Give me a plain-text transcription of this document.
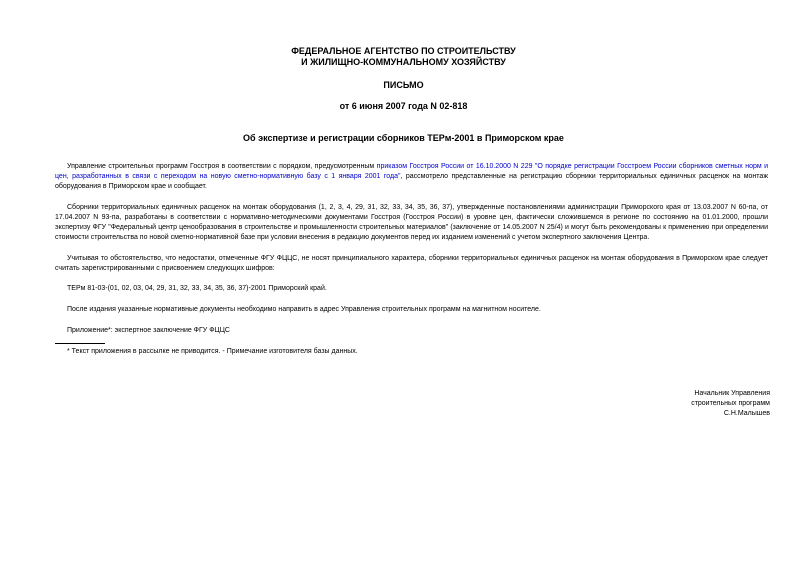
ФЕДЕРАЛЬНОЕ АГЕНТСТВО ПО СТРОИТЕЛЬСТВУ
И ЖИЛИЩНО-КОММУНАЛЬНОМУ ХОЗЯЙСТВУ
ПИСЬМО
от 6 июня 2007 года N 02-818
Об экспертизе и регистрации сборников ТЕРм-2001 в Приморском крае
Управление строительных программ Госстроя в соответствии с порядком, предусмотренным приказом Госстроя России от 16.10.2000 N 229 "О порядке регистрации Госстроем России сборников сметных норм и цен, разработанных в связи с переходом на новую сметно-нормативную базу с 1 января 2001 года", рассмотрело представленные на регистрацию сборники территориальных единичных расценок на монтаж оборудования в Приморском крае и сообщает.
Сборники территориальных единичных расценок на монтаж оборудования (1, 2, 3, 4, 29, 31, 32, 33, 34, 35, 36, 37), утвержденные постановлениями администрации Приморского края от 13.03.2007 N 60-па, от 17.04.2007 N 93-па, разработаны в соответствии с нормативно-методическими документами Госстроя (Госстроя России) в уровне цен, фактически сложившемся в регионе по состоянию на 01.01.2000, прошли экспертизу ФГУ "Федеральный центр ценообразования в строительстве и промышленности строительных материалов" (заключение от 14.05.2007 N 25/4) и могут быть рекомендованы к применению при определении стоимости строительства по новой сметно-нормативной базе при условии внесения в редакцию документов перед их изданием изменений с учетом экспертного заключения Центра.
Учитывая то обстоятельство, что недостатки, отмеченные ФГУ ФЦЦС, не носят принципиального характера, сборники территориальных единичных расценок на монтаж оборудования в Приморском крае следует считать зарегистрированными с присвоением следующих шифров:
ТЕРм 81-03-(01, 02, 03, 04, 29, 31, 32, 33, 34, 35, 36, 37)-2001 Приморский край.
После издания указанные нормативные документы необходимо направить в адрес Управления строительных программ на магнитном носителе.
Приложение*: экспертное заключение ФГУ ФЦЦС
* Текст приложения в рассылке не приводится. - Примечание изготовителя базы данных.
Начальник Управления
строительных программ
С.Н.Малышев
